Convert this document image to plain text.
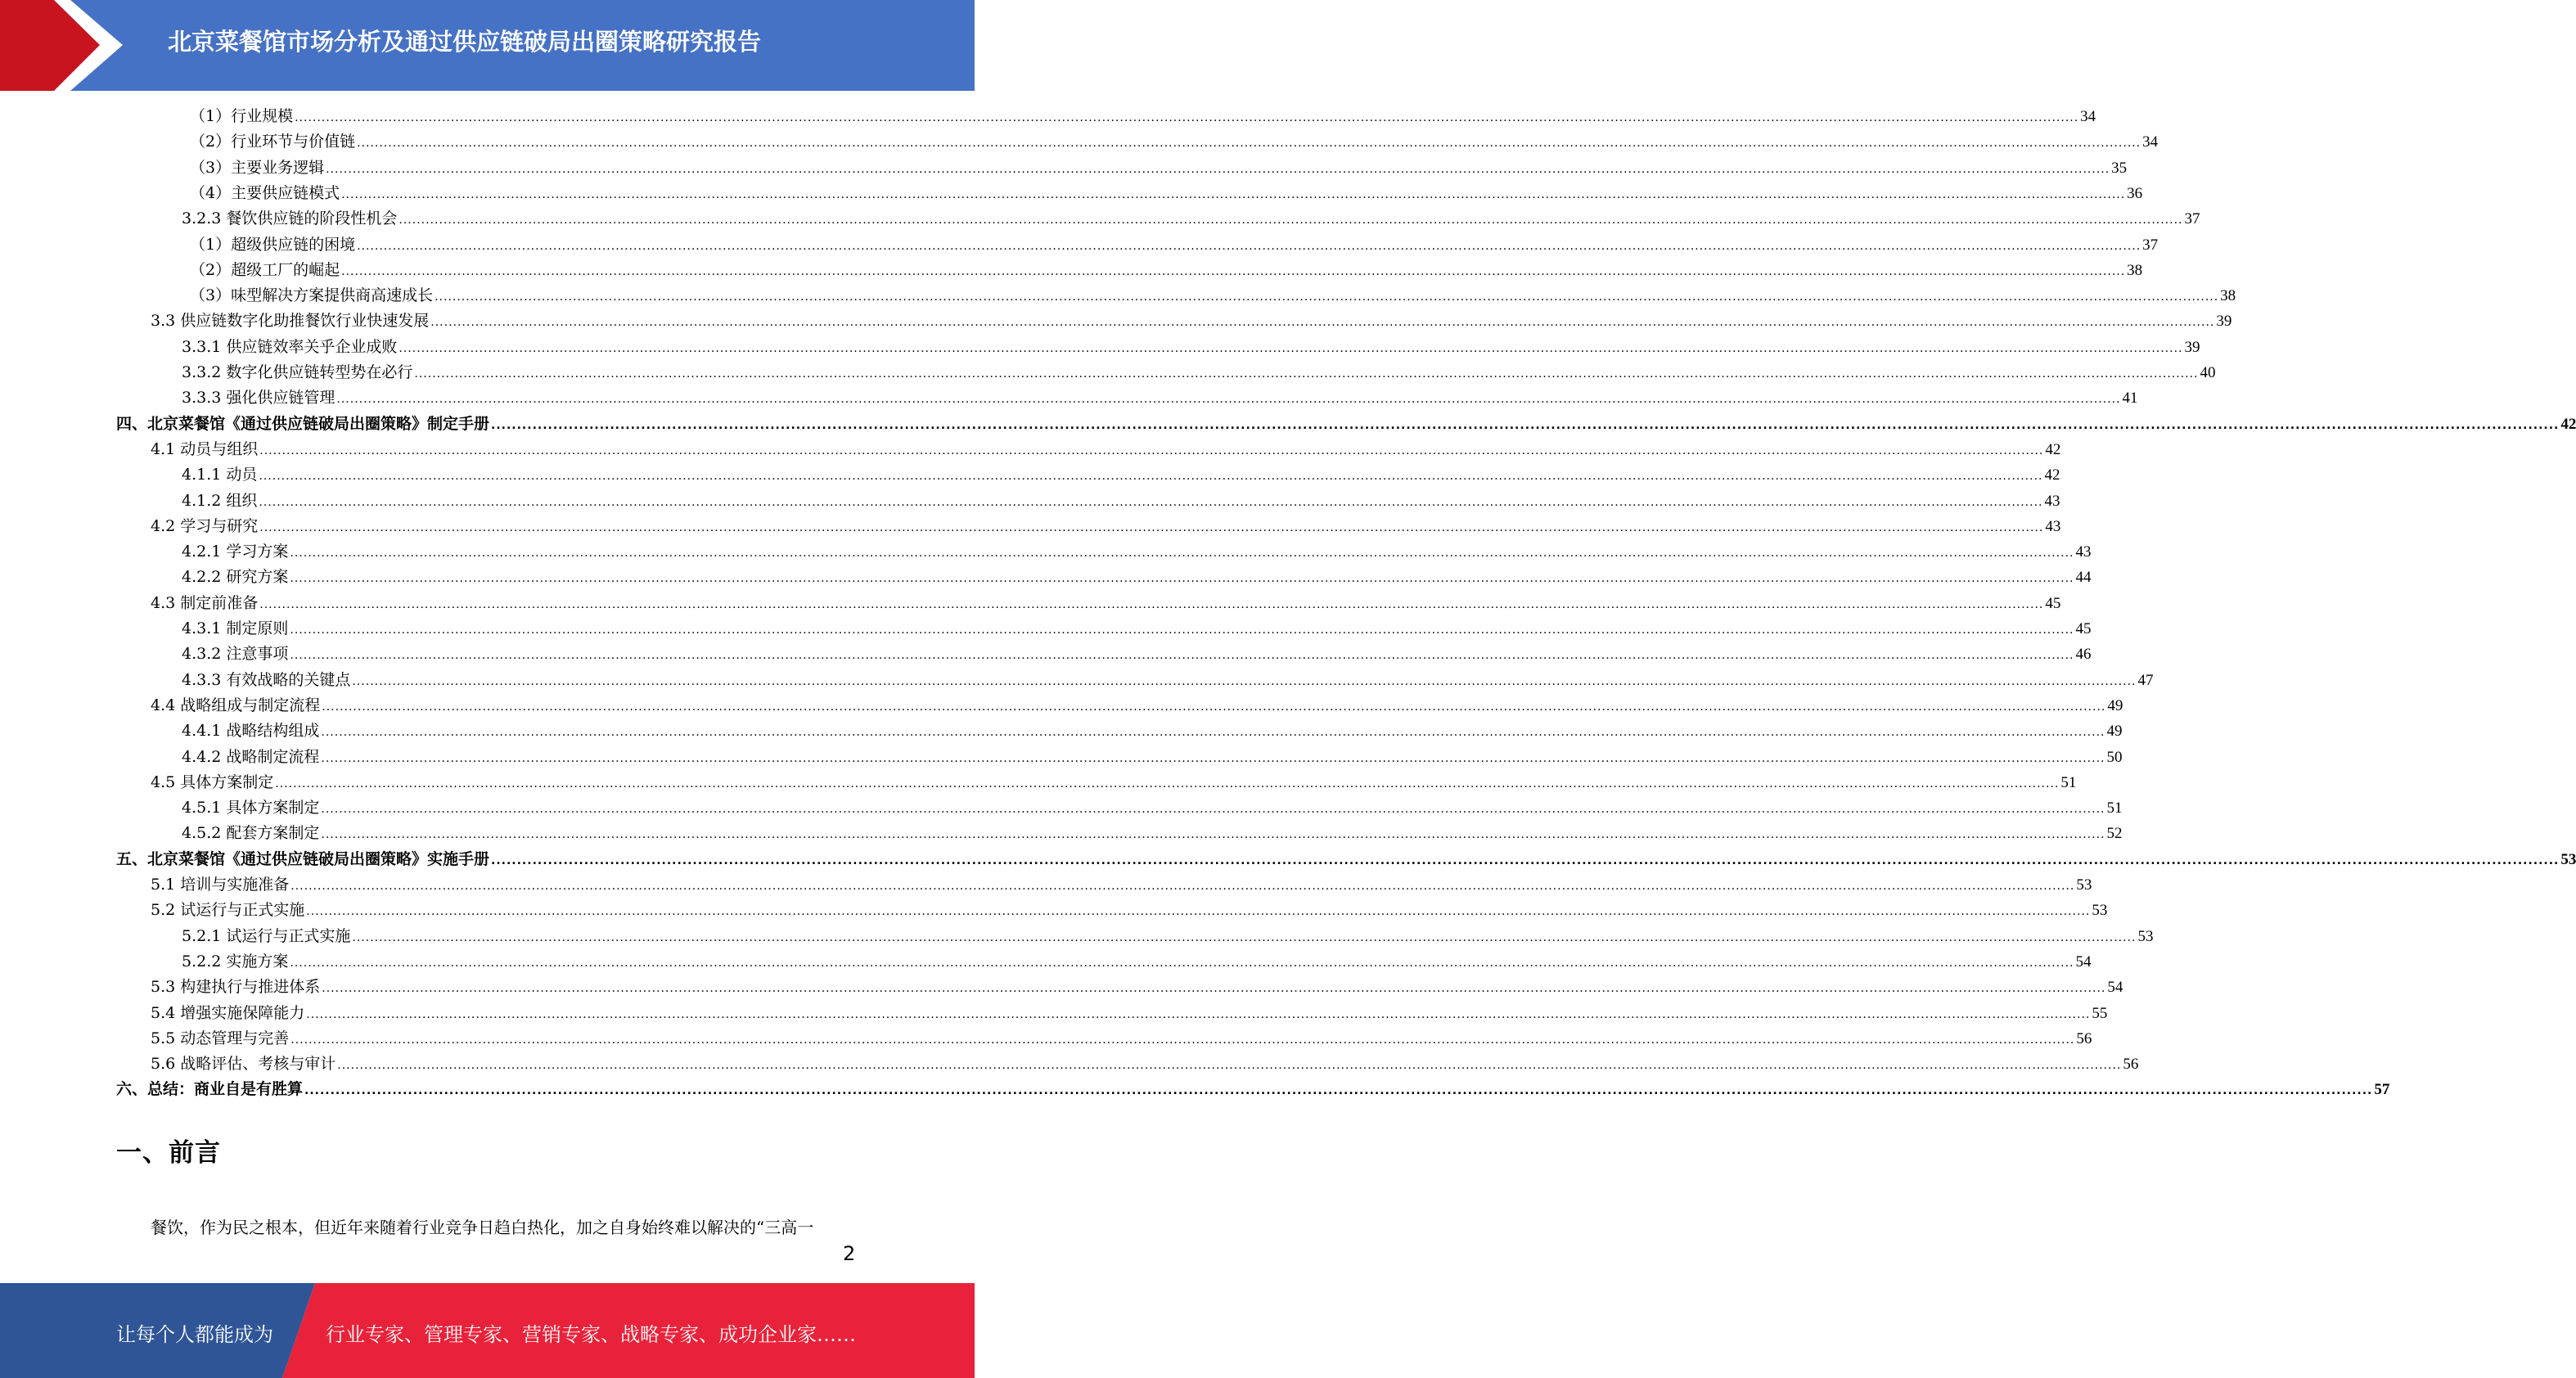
北京菜餐馆市场分析及通过供应链破局出圈策略研究报告
（1）行业规模 ................................................................................................................................................................................................................................................................................................................................................................................................................ 34
（2）行业环节与价值链 ................................................................................................................................................................................................................................................................................................................................................................................................................ 34
（3）主要业务逻辑 ................................................................................................................................................................................................................................................................................................................................................................................................................ 35
（4）主要供应链模式 ................................................................................................................................................................................................................................................................................................................................................................................................................ 36
3.2.3 餐饮供应链的阶段性机会 ................................................................................................................................................................................................................................................................................................................................................................................................................ 37
（1）超级供应链的困境 ................................................................................................................................................................................................................................................................................................................................................................................................................ 37
（2）超级工厂的崛起 ................................................................................................................................................................................................................................................................................................................................................................................................................ 38
（3）味型解决方案提供商高速成长 ................................................................................................................................................................................................................................................................................................................................................................................................................ 38
3.3 供应链数字化助推餐饮行业快速发展 ................................................................................................................................................................................................................................................................................................................................................................................................................ 39
3.3.1 供应链效率关乎企业成败 ................................................................................................................................................................................................................................................................................................................................................................................................................ 39
3.3.2 数字化供应链转型势在必行 ................................................................................................................................................................................................................................................................................................................................................................................................................ 40
3.3.3 强化供应链管理 ................................................................................................................................................................................................................................................................................................................................................................................................................ 41
四、北京菜餐馆《通过供应链破局出圈策略》制定手册 ................................................................................................................................................................................................................................................................................................................................................................................................................ 42
4.1 动员与组织 ................................................................................................................................................................................................................................................................................................................................................................................................................ 42
4.1.1 动员 ................................................................................................................................................................................................................................................................................................................................................................................................................ 42
4.1.2 组织 ................................................................................................................................................................................................................................................................................................................................................................................................................ 43
4.2 学习与研究 ................................................................................................................................................................................................................................................................................................................................................................................................................ 43
4.2.1 学习方案 ................................................................................................................................................................................................................................................................................................................................................................................................................ 43
4.2.2 研究方案 ................................................................................................................................................................................................................................................................................................................................................................................................................ 44
4.3 制定前准备 ................................................................................................................................................................................................................................................................................................................................................................................................................ 45
4.3.1 制定原则 ................................................................................................................................................................................................................................................................................................................................................................................................................ 45
4.3.2 注意事项 ................................................................................................................................................................................................................................................................................................................................................................................................................ 46
4.3.3 有效战略的关键点 ................................................................................................................................................................................................................................................................................................................................................................................................................ 47
4.4 战略组成与制定流程 ................................................................................................................................................................................................................................................................................................................................................................................................................ 49
4.4.1 战略结构组成 ................................................................................................................................................................................................................................................................................................................................................................................................................ 49
4.4.2 战略制定流程 ................................................................................................................................................................................................................................................................................................................................................................................................................ 50
4.5 具体方案制定 ................................................................................................................................................................................................................................................................................................................................................................................................................ 51
4.5.1 具体方案制定 ................................................................................................................................................................................................................................................................................................................................................................................................................ 51
4.5.2 配套方案制定 ................................................................................................................................................................................................................................................................................................................................................................................................................ 52
五、北京菜餐馆《通过供应链破局出圈策略》实施手册 ................................................................................................................................................................................................................................................................................................................................................................................................................ 53
5.1 培训与实施准备 ................................................................................................................................................................................................................................................................................................................................................................................................................ 53
5.2 试运行与正式实施 ................................................................................................................................................................................................................................................................................................................................................................................................................ 53
5.2.1 试运行与正式实施 ................................................................................................................................................................................................................................................................................................................................................................................................................ 53
5.2.2 实施方案 ................................................................................................................................................................................................................................................................................................................................................................................................................ 54
5.3 构建执行与推进体系 ................................................................................................................................................................................................................................................................................................................................................................................................................ 54
5.4 增强实施保障能力 ................................................................................................................................................................................................................................................................................................................................................................................................................ 55
5.5 动态管理与完善 ................................................................................................................................................................................................................................................................................................................................................................................................................ 56
5.6 战略评估、考核与审计 ................................................................................................................................................................................................................................................................................................................................................................................................................ 56
六、总结：商业自是有胜算 ................................................................................................................................................................................................................................................................................................................................................................................................................ 57
一、前言
餐饮，作为民之根本，但近年来随着行业竞争日趋白热化，加之自身始终难以解决的“三高一
2
让每个人都能成为	行业专家、管理专家、营销专家、战略专家、成功企业家……
